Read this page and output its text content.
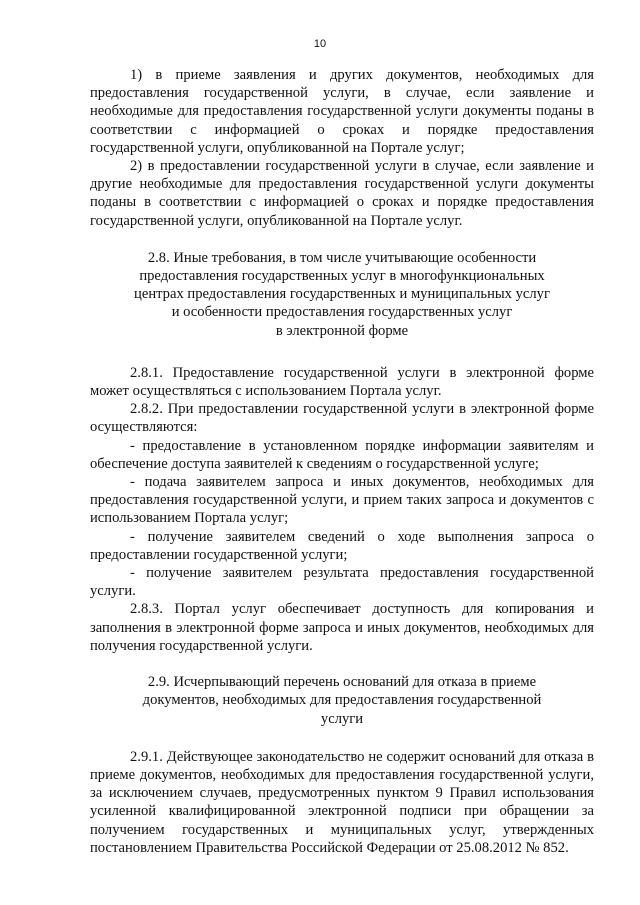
10

1) в приеме заявления и других документов, необходимых для предоставления государственной услуги, в случае, если заявление и необходимые для предоставления государственной услуги документы поданы в соответствии с информацией о сроках и порядке предоставления государственной услуги, опубликованной на Портале услуг;

2) в предоставлении государственной услуги в случае, если заявление и другие необходимые для предоставления государственной услуги документы поданы в соответствии с информацией о сроках и порядке предоставления государственной услуги, опубликованной на Портале услуг.

2.8. Иные требования, в том числе учитывающие особенности
предоставления государственных услуг в многофункциональных
центрах предоставления государственных и муниципальных услуг
и особенности предоставления государственных услуг
в электронной форме

2.8.1. Предоставление государственной услуги в электронной форме может осуществляться с использованием Портала услуг.

2.8.2. При предоставлении государственной услуги в электронной форме осуществляются:

- предоставление в установленном порядке информации заявителям и обеспечение доступа заявителей к сведениям о государственной услуге;

- подача заявителем запроса и иных документов, необходимых для предоставления государственной услуги, и прием таких запроса и документов с использованием Портала услуг;

- получение заявителем сведений о ходе выполнения запроса о предоставлении государственной услуги;

- получение заявителем результата предоставления государственной услуги.

2.8.3. Портал услуг обеспечивает доступность для копирования и заполнения в электронной форме запроса и иных документов, необходимых для получения государственной услуги.

2.9. Исчерпывающий перечень оснований для отказа в приеме
документов, необходимых для предоставления государственной
услуги

2.9.1. Действующее законодательство не содержит оснований для отказа в приеме документов, необходимых для предоставления государственной услуги, за исключением случаев, предусмотренных пунктом 9 Правил использования усиленной квалифицированной электронной подписи при обращении за получением государственных и муниципальных услуг, утвержденных постановлением Правительства Российской Федерации от 25.08.2012 № 852.
